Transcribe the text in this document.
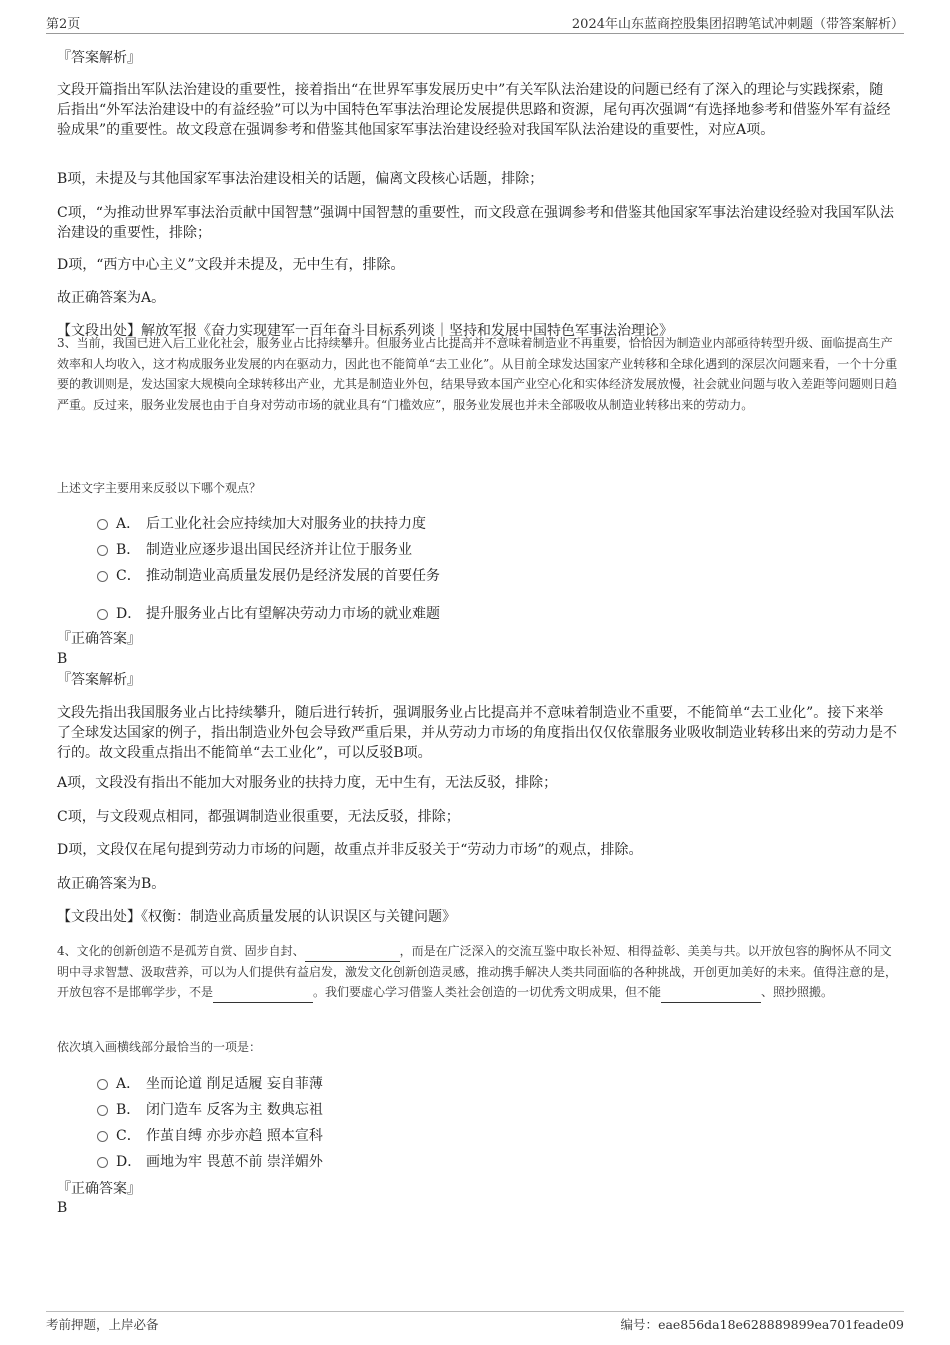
第2页	2024年山东蓝商控股集团招聘笔试冲刺题（带答案解析）
『答案解析』
文段开篇指出军队法治建设的重要性，接着指出“在世界军事发展历史中”有关军队法治建设的问题已经有了深入的理论与实践探索，随后指出“外军法治建设中的有益经验”可以为中国特色军事法治理论发展提供思路和资源，尾句再次强调“有选择地参考和借鉴外军有益经验成果”的重要性。故文段意在强调参考和借鉴其他国家军事法治建设经验对我国军队法治建设的重要性，对应A项。
B项，未提及与其他国家军事法治建设相关的话题，偏离文段核心话题，排除；
C项，“为推动世界军事法治贡献中国智慧”强调中国智慧的重要性，而文段意在强调参考和借鉴其他国家军事法治建设经验对我国军队法治建设的重要性，排除；
D项，“西方中心主义”文段并未提及，无中生有，排除。
故正确答案为A。
【文段出处】解放军报《奋力实现建军一百年奋斗目标系列谈｜坚持和发展中国特色军事法治理论》
3、当前，我国已进入后工业化社会，服务业占比持续攀升。但服务业占比提高并不意味着制造业不再重要，恰恰因为制造业内部亟待转型升级、面临提高生产效率和人均收入，这才构成服务业发展的内在驱动力，因此也不能简单“去工业化”。从目前全球发达国家产业转移和全球化遇到的深层次问题来看，一个十分重要的教训则是，发达国家大规模向全球转移出产业，尤其是制造业外包，结果导致本国产业空心化和实体经济发展放慢，社会就业问题与收入差距等问题则日趋严重。反过来，服务业发展也由于自身对劳动市场的就业具有“门槛效应”，服务业发展也并未全部吸收从制造业转移出来的劳动力。
上述文字主要用来反驳以下哪个观点？
A． 后工业化社会应持续加大对服务业的扶持力度
B． 制造业应逐步退出国民经济并让位于服务业
C． 推动制造业高质量发展仍是经济发展的首要任务
D． 提升服务业占比有望解决劳动力市场的就业难题
『正确答案』
B
『答案解析』
文段先指出我国服务业占比持续攀升，随后进行转折，强调服务业占比提高并不意味着制造业不重要，不能简单“去工业化”。接下来举了全球发达国家的例子，指出制造业外包会导致严重后果，并从劳动力市场的角度指出仅仅依靠服务业吸收制造业转移出来的劳动力是不行的。故文段重点指出不能简单“去工业化”，可以反驳B项。
A项，文段没有指出不能加大对服务业的扶持力度，无中生有，无法反驳，排除；
C项，与文段观点相同，都强调制造业很重要，无法反驳，排除；
D项，文段仅在尾句提到劳动力市场的问题，故重点并非反驳关于“劳动力市场”的观点，排除。
故正确答案为B。
【文段出处】《权衡：制造业高质量发展的认识误区与关键问题》
4、文化的创新创造不是孤芳自赏、固步自封、	，而是在广泛深入的交流互鉴中取长补短、相得益彰、美美与共。以开放包容的胸怀从不同文明中寻求智慧、汲取营养，可以为人们提供有益启发，激发文化创新创造灵感，推动携手解决人类共同面临的各种挑战，开创更加美好的未来。值得注意的是，开放包容不是邯郸学步，不是	。我们要虚心学习借鉴人类社会创造的一切优秀文明成果，但不能	、照抄照搬。
依次填入画横线部分最恰当的一项是：
A． 坐而论道 削足适履 妄自菲薄
B． 闭门造车 反客为主 数典忘祖
C． 作茧自缚 亦步亦趋 照本宣科
D． 画地为牢 畏葸不前 崇洋媚外
『正确答案』
B
考前押题，上岸必备	编号：eae856da18e628889899ea701feade09
